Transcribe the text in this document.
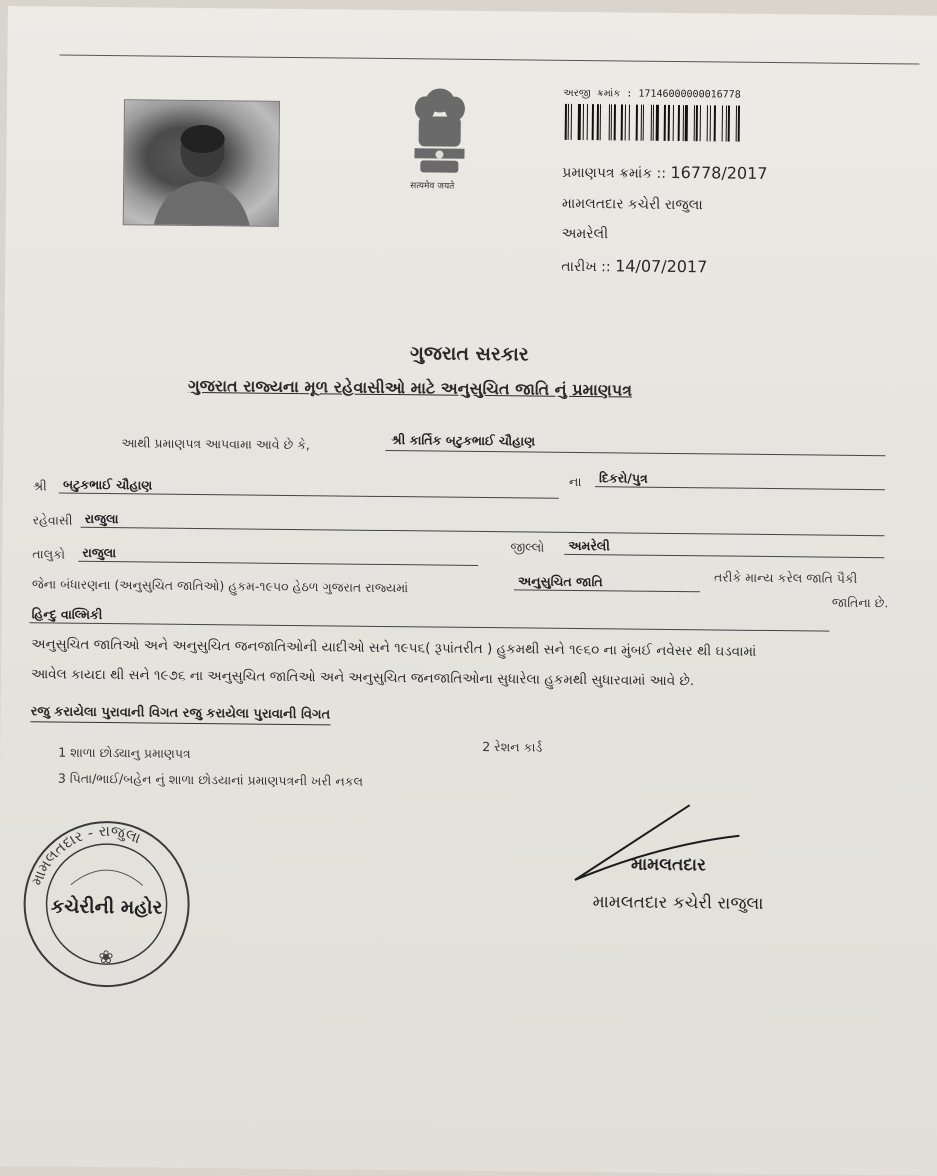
सत्यमेव जयते
અરજી ક્રમાંક : 17146000000016778
પ્રમાણપત્ર ક્રમાંક :: 16778/2017
મામલતદાર કચેરી રાજુલા
અમરેલી
તારીખ :: 14/07/2017
ગુજરાત સરકાર
ગુજરાત રાજ્યના મૂળ રહેવાસીઓ માટે અનુસુચિત જાતિ નું પ્રમાણપત્ર
આથી પ્રમાણપત્ર આપવામા આવે છે કે,	શ્રી કાર્તિક બટુકભાઈ ચૌહાણ
શ્રી બટુકભાઈ ચૌહાણ	ના દિકરો/પુત્ર
રહેવાસી રાજુલા
તાલુકો રાજુલા	જીલ્લો અમરેલી
જેના બંધારણના (અનુસુચિત જાતિઓ) હુકમ-૧૯૫૦ હેઠળ ગુજરાત રાજ્યમાં	અનુસુચિત જાતિ	તરીકે માન્ય કરેલ જાતિ પૈકી
જાતિના છે.
હિન્દુ વાલ્મિકી
અનુસુચિત જાતિઓ અને અનુસુચિત જનજાતિઓની યાદીઓ સને ૧૯૫૬( રૂપાંતરીત ) હુકમથી સને ૧૯૬૦ ના મુંબઈ નવેસર થી ઘડવામાં
આવેલ કાયદા થી સને ૧૯૭૬ ના અનુસુચિત જાતિઓ અને અનુસુચિત જનજાતિઓના સુધારેલા હુકમથી સુધારવામાં આવે છે.
રજુ કરાયેલા પુરાવાની વિગત રજુ કરાયેલા પુરાવાની વિગત
1 શાળા છોડ્યાનુ પ્રમાણપત્ર	2 રેશન કાર્ડ
3 પિતા/ભાઈ/બહેન નું શાળા છોડયાનાં પ્રમાણપત્રની ખરી નકલ
મામલતદાર - રાજુલા
કચેરીની મહોર
❀
મામલતદાર
મામલતદાર કચેરી રાજુલા
